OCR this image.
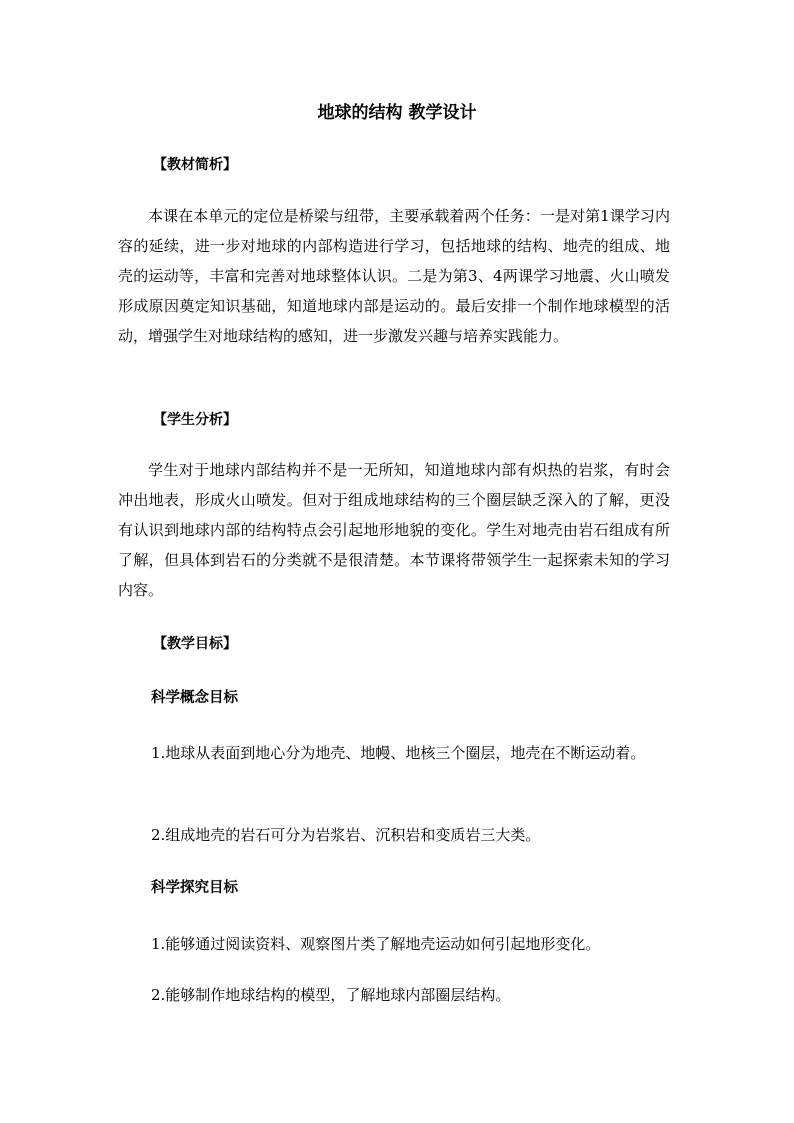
地球的结构 教学设计
【教材简析】

本课在本单元的定位是桥梁与纽带，主要承载着两个任务：一是对第1课学习内容的延续，进一步对地球的内部构造进行学习，包括地球的结构、地壳的组成、地壳的运动等，丰富和完善对地球整体认识。二是为第3、4两课学习地震、火山喷发形成原因奠定知识基础，知道地球内部是运动的。最后安排一个制作地球模型的活动，增强学生对地球结构的感知，进一步激发兴趣与培养实践能力。

【学生分析】

学生对于地球内部结构并不是一无所知，知道地球内部有炽热的岩浆，有时会冲出地表，形成火山喷发。但对于组成地球结构的三个圈层缺乏深入的了解，更没有认识到地球内部的结构特点会引起地形地貌的变化。学生对地壳由岩石组成有所了解，但具体到岩石的分类就不是很清楚。本节课将带领学生一起探索未知的学习内容。

【教学目标】
科学概念目标

1.地球从表面到地心分为地壳、地幔、地核三个圈层，地壳在不断运动着。

2.组成地壳的岩石可分为岩浆岩、沉积岩和变质岩三大类。

科学探究目标

1.能够通过阅读资料、观察图片类了解地壳运动如何引起地形变化。

2.能够制作地球结构的模型，了解地球内部圈层结构。
